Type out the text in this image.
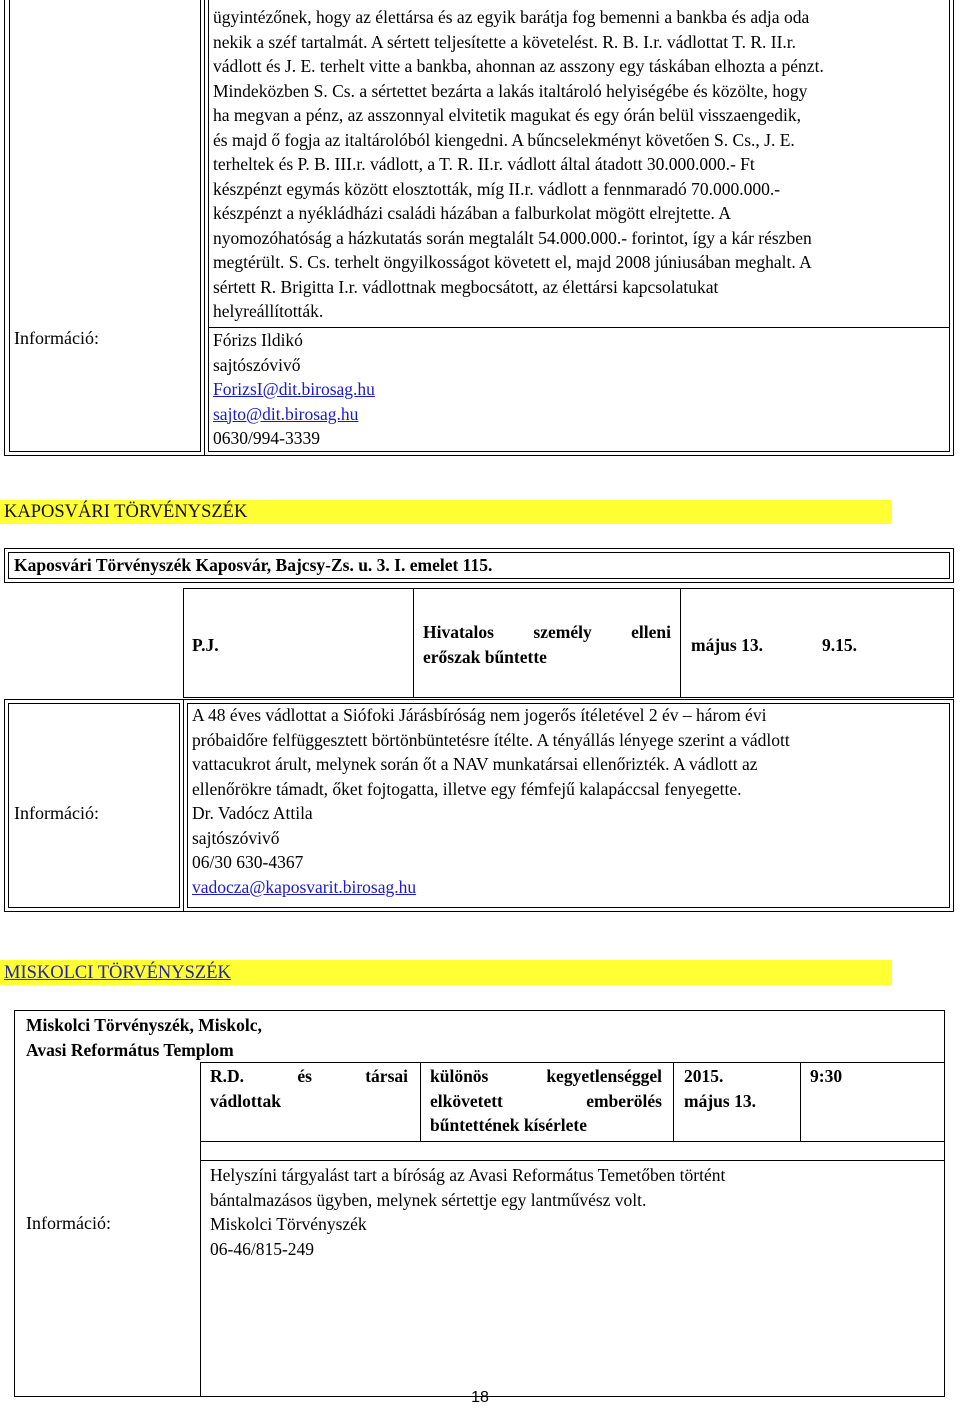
ügyintézőnek, hogy az élettársa és az egyik barátja fog bemenni a bankba és adja oda
nekik a széf tartalmát. A sértett teljesítette a követelést. R. B. I.r. vádlottat T. R. II.r.
vádlott és J. E. terhelt vitte a bankba, ahonnan az asszony egy táskában elhozta a pénzt.
Mindeközben S. Cs. a sértettet bezárta a lakás italtároló helyiségébe és közölte, hogy
ha megvan a pénz, az asszonnyal elvitetik magukat és egy órán belül visszaengedik,
és majd ő fogja az italtárolóból kiengedni. A bűncselekményt követően S. Cs., J. E.
terheltek és P. B. III.r. vádlott, a T. R. II.r. vádlott által átadott 30.000.000.- Ft
készpénzt egymás között elosztották, míg II.r. vádlott a fennmaradó 70.000.000.-
készpénzt a nyékládházi családi házában a falburkolat mögött elrejtette. A
nyomozóhatóság a házkutatás során megtalált 54.000.000.- forintot, így a kár részben
megtérült. S. Cs. terhelt öngyilkosságot követett el, majd 2008 júniusában meghalt. A
sértett R. Brigitta I.r. vádlottnak megbocsátott, az élettársi kapcsolatukat
helyreállították.
Információ:	Fórizs Ildikó
sajtószóvivő
ForizsI@dit.birosag.hu
sajto@dit.birosag.hu
0630/994-3339
KAPOSVÁRI TÖRVÉNYSZÉK
Kaposvári Törvényszék Kaposvár, Bajcsy-Zs. u. 3. I. emelet 115.
P.J.
Hivatalos személy elleni
erőszak bűntette
május 13.	9.15.
A 48 éves vádlottat a Siófoki Járásbíróság nem jogerős ítéletével 2 év – három évi
próbaidőre felfüggesztett börtönbüntetésre ítélte. A tényállás lényege szerint a vádlott
vattacukrot árult, melynek során őt a NAV munkatársai ellenőrizték. A vádlott az
ellenőrökre támadt, őket fojtogatta, illetve egy fémfejű kalapáccsal fenyegette.
Dr. Vadócz Attila
sajtószóvivő
06/30 630-4367
vadocza@kaposvarit.birosag.hu
Információ:
MISKOLCI TÖRVÉNYSZÉK
Miskolci Törvényszék, Miskolc,
Avasi Református Templom
R.D.    és    társai
vádlottak
különös kegyetlenséggel
elkövetett emberölés
bűntettének kísérlete
2015.
május 13.
9:30
Helyszíni tárgyalást tart a bíróság az Avasi Református Temetőben történt
bántalmazásos ügyben, melynek sértettje egy lantművész volt.
Miskolci Törvényszék
06-46/815-249
Információ:
18
